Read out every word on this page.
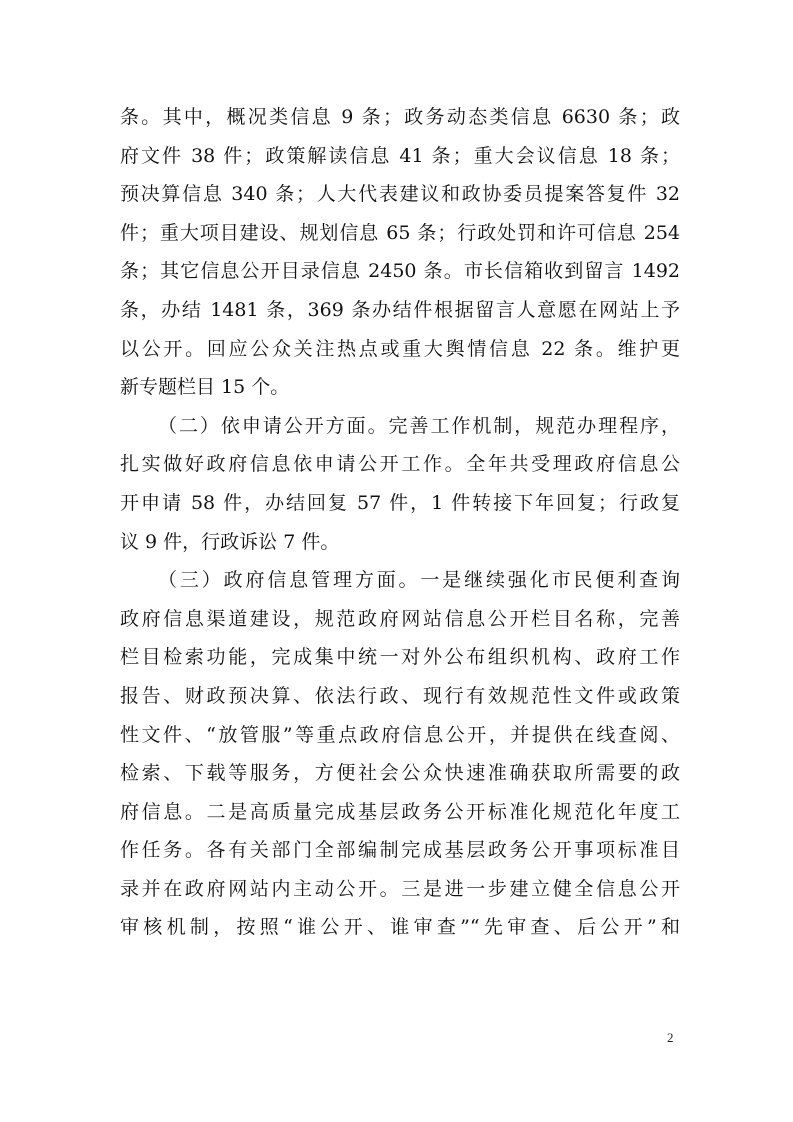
条。其中，概况类信息 9 条；政务动态类信息 6630 条；政
府文件 38 件；政策解读信息 41 条；重大会议信息 18 条；
预决算信息 340 条；人大代表建议和政协委员提案答复件 32
件；重大项目建设、规划信息 65 条；行政处罚和许可信息 254
条；其它信息公开目录信息 2450 条。市长信箱收到留言 1492
条，办结 1481 条，369 条办结件根据留言人意愿在网站上予
以公开。回应公众关注热点或重大舆情信息 22 条。维护更
新专题栏目 15 个。

（二）依申请公开方面。完善工作机制，规范办理程序，
扎实做好政府信息依申请公开工作。全年共受理政府信息公
开申请 58 件，办结回复 57 件，1 件转接下年回复；行政复
议 9 件，行政诉讼 7 件。

（三）政府信息管理方面。一是继续强化市民便利查询
政府信息渠道建设，规范政府网站信息公开栏目名称，完善
栏目检索功能，完成集中统一对外公布组织机构、政府工作
报告、财政预决算、依法行政、现行有效规范性文件或政策
性文件、“放管服”等重点政府信息公开，并提供在线查阅、
检索、下载等服务，方便社会公众快速准确获取所需要的政
府信息。二是高质量完成基层政务公开标准化规范化年度工
作任务。各有关部门全部编制完成基层政务公开事项标准目
录并在政府网站内主动公开。三是进一步建立健全信息公开
审核机制，按照“谁公开、谁审查”“先审查、后公开”和

2
